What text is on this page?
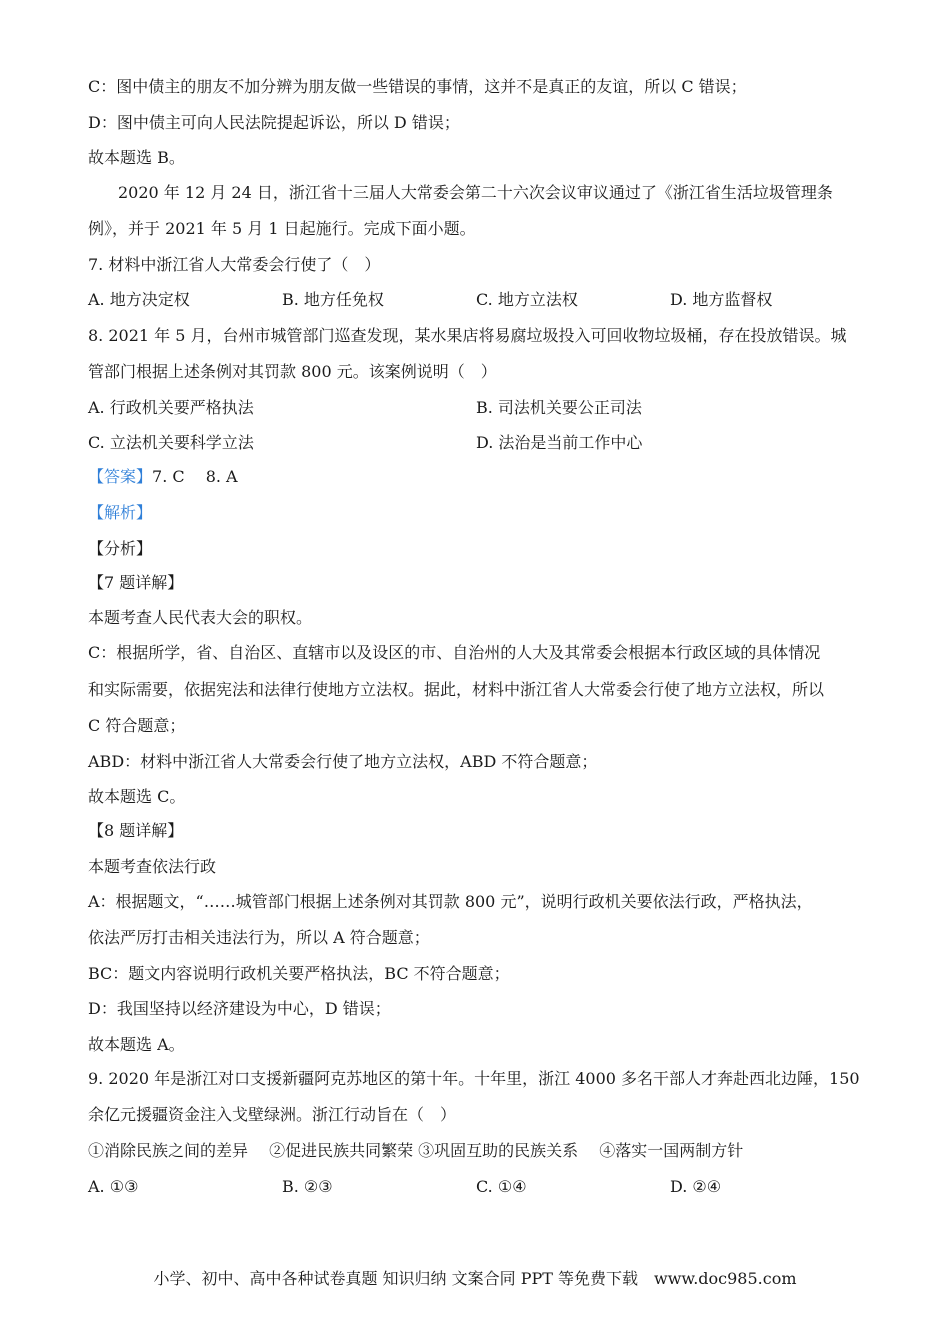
C：图中债主的朋友不加分辨为朋友做一些错误的事情，这并不是真正的友谊，所以 C 错误；
D：图中债主可向人民法院提起诉讼，所以 D 错误；
故本题选 B。
2020 年 12 月 24 日，浙江省十三届人大常委会第二十六次会议审议通过了《浙江省生活垃圾管理条
例》，并于 2021 年 5 月 1 日起施行。完成下面小题。
7. 材料中浙江省人大常委会行使了（　）
A. 地方决定权	B. 地方任免权	C. 地方立法权	D. 地方监督权
8. 2021 年 5 月，台州市城管部门巡查发现，某水果店将易腐垃圾投入可回收物垃圾桶，存在投放错误。城
管部门根据上述条例对其罚款 800 元。该案例说明（　）
A. 行政机关要严格执法	B. 司法机关要公正司法
C. 立法机关要科学立法	D. 法治是当前工作中心
【答案】7. C　 8. A
【解析】
【分析】
【7 题详解】
本题考查人民代表大会的职权。
C：根据所学，省、自治区、直辖市以及设区的市、自治州的人大及其常委会根据本行政区域的具体情况
和实际需要，依据宪法和法律行使地方立法权。据此，材料中浙江省人大常委会行使了地方立法权，所以
C 符合题意；
ABD：材料中浙江省人大常委会行使了地方立法权，ABD 不符合题意；
故本题选 C。
【8 题详解】
本题考查依法行政
A：根据题文，“……城管部门根据上述条例对其罚款 800 元”，说明行政机关要依法行政，严格执法，
依法严厉打击相关违法行为，所以 A 符合题意；
BC：题文内容说明行政机关要严格执法，BC 不符合题意；
D：我国坚持以经济建设为中心，D 错误；
故本题选 A。
9. 2020 年是浙江对口支援新疆阿克苏地区的第十年。十年里，浙江 4000 多名干部人才奔赴西北边陲，150
余亿元援疆资金注入戈壁绿洲。浙江行动旨在（　）
①消除民族之间的差异　 ②促进民族共同繁荣 ③巩固互助的民族关系　 ④落实一国两制方针
A. ①③	B. ②③	C. ①④	D. ②④
小学、初中、高中各种试卷真题 知识归纳 文案合同 PPT 等免费下载　www.doc985.com
